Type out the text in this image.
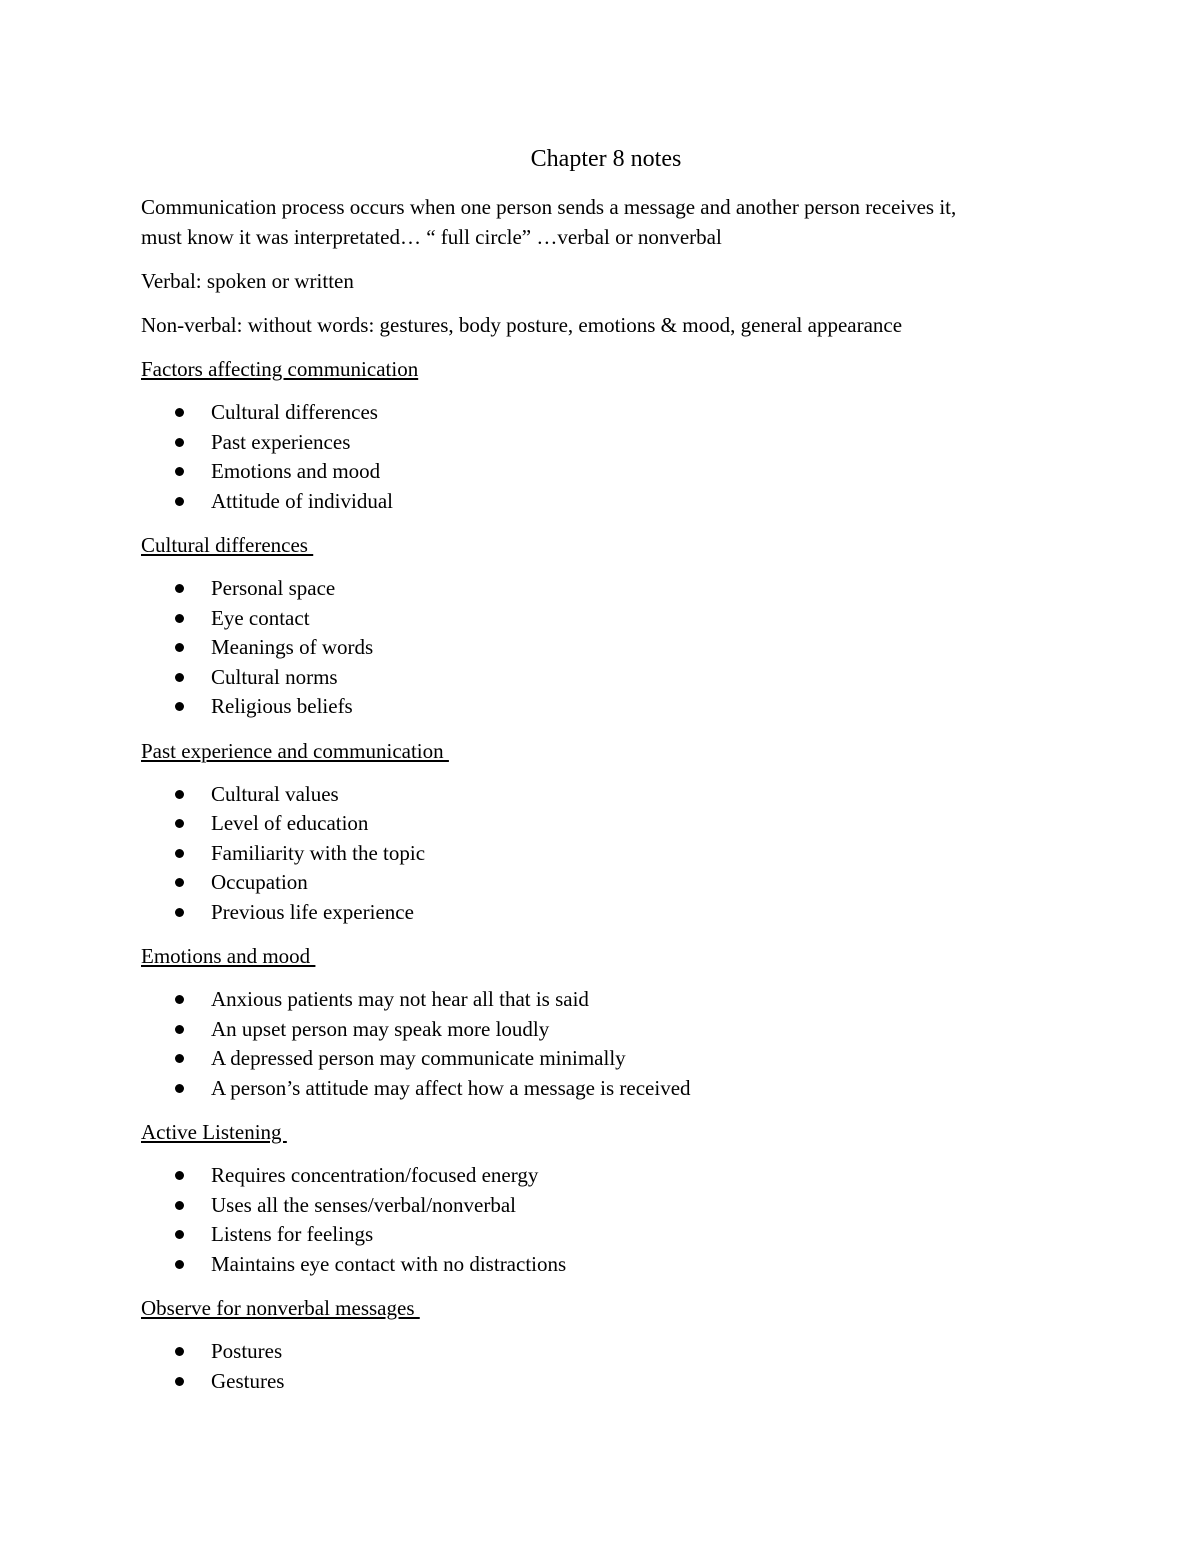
Chapter 8 notes
Communication process occurs when one person sends a message and another person receives it,
must know it was interpretated… “ full circle” …verbal or nonverbal
Verbal: spoken or written
Non-verbal: without words: gestures, body posture, emotions & mood, general appearance
Factors affecting communication
Cultural differences
Past experiences
Emotions and mood
Attitude of individual
Cultural differences
Personal space
Eye contact
Meanings of words
Cultural norms
Religious beliefs
Past experience and communication
Cultural values
Level of education
Familiarity with the topic
Occupation
Previous life experience
Emotions and mood
Anxious patients may not hear all that is said
An upset person may speak more loudly
A depressed person may communicate minimally
A person’s attitude may affect how a message is received
Active Listening
Requires concentration/focused energy
Uses all the senses/verbal/nonverbal
Listens for feelings
Maintains eye contact with no distractions
Observe for nonverbal messages
Postures
Gestures
